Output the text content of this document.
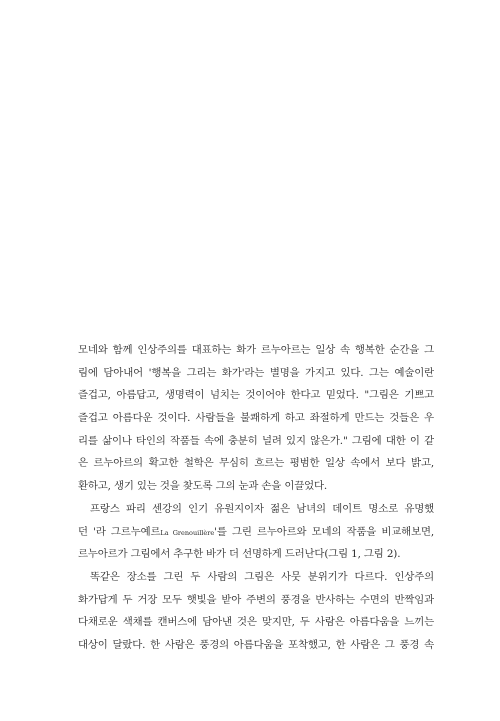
모네와 함께 인상주의를 대표하는 화가 르누아르는 일상 속 행복한 순간을 그
림에 담아내어 '행복을 그리는 화가'라는 별명을 가지고 있다. 그는 예술이란
즐겁고, 아름답고, 생명력이 넘치는 것이어야 한다고 믿었다. "그림은 기쁘고
즐겁고 아름다운 것이다. 사람들을 불쾌하게 하고 좌절하게 만드는 것들은 우
리를 삶이나 타인의 작품들 속에 충분히 널려 있지 않은가." 그림에 대한 이 같
은 르누아르의 확고한 철학은 무심히 흐르는 평범한 일상 속에서 보다 밝고,
환하고, 생기 있는 것을 찾도록 그의 눈과 손을 이끌었다.

프랑스 파리 센강의 인기 유원지이자 젊은 남녀의 데이트 명소로 유명했
던 '라 그르누예르La Grenouillère'를 그린 르누아르와 모네의 작품을 비교해보면,
르누아르가 그림에서 추구한 바가 더 선명하게 드러난다(그림 1, 그림 2).

똑같은 장소를 그린 두 사람의 그림은 사뭇 분위기가 다르다. 인상주의
화가답게 두 거장 모두 햇빛을 받아 주변의 풍경을 반사하는 수면의 반짝임과
다채로운 색채를 캔버스에 담아낸 것은 맞지만, 두 사람은 아름다움을 느끼는
대상이 달랐다. 한 사람은 풍경의 아름다움을 포착했고, 한 사람은 그 풍경 속
